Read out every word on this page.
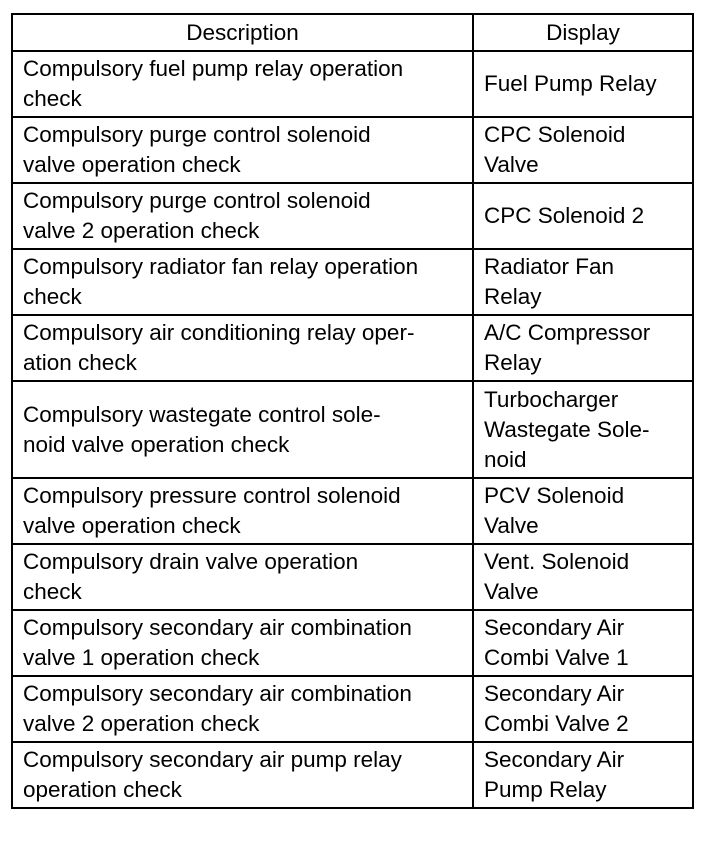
Description	Display

Compulsory fuel pump relay operation
check	Fuel Pump Relay

Compulsory purge control solenoid
valve operation check	CPC Solenoid
Valve

Compulsory purge control solenoid
valve 2 operation check	CPC Solenoid 2

Compulsory radiator fan relay operation
check	Radiator Fan
Relay

Compulsory air conditioning relay oper-
ation check	A/C Compressor
Relay

Compulsory wastegate control sole-
noid valve operation check	Turbocharger
Wastegate Sole-
noid

Compulsory pressure control solenoid
valve operation check	PCV Solenoid
Valve

Compulsory drain valve operation
check	Vent. Solenoid
Valve

Compulsory secondary air combination
valve 1 operation check	Secondary Air
Combi Valve 1

Compulsory secondary air combination
valve 2 operation check	Secondary Air
Combi Valve 2

Compulsory secondary air pump relay
operation check	Secondary Air
Pump Relay
